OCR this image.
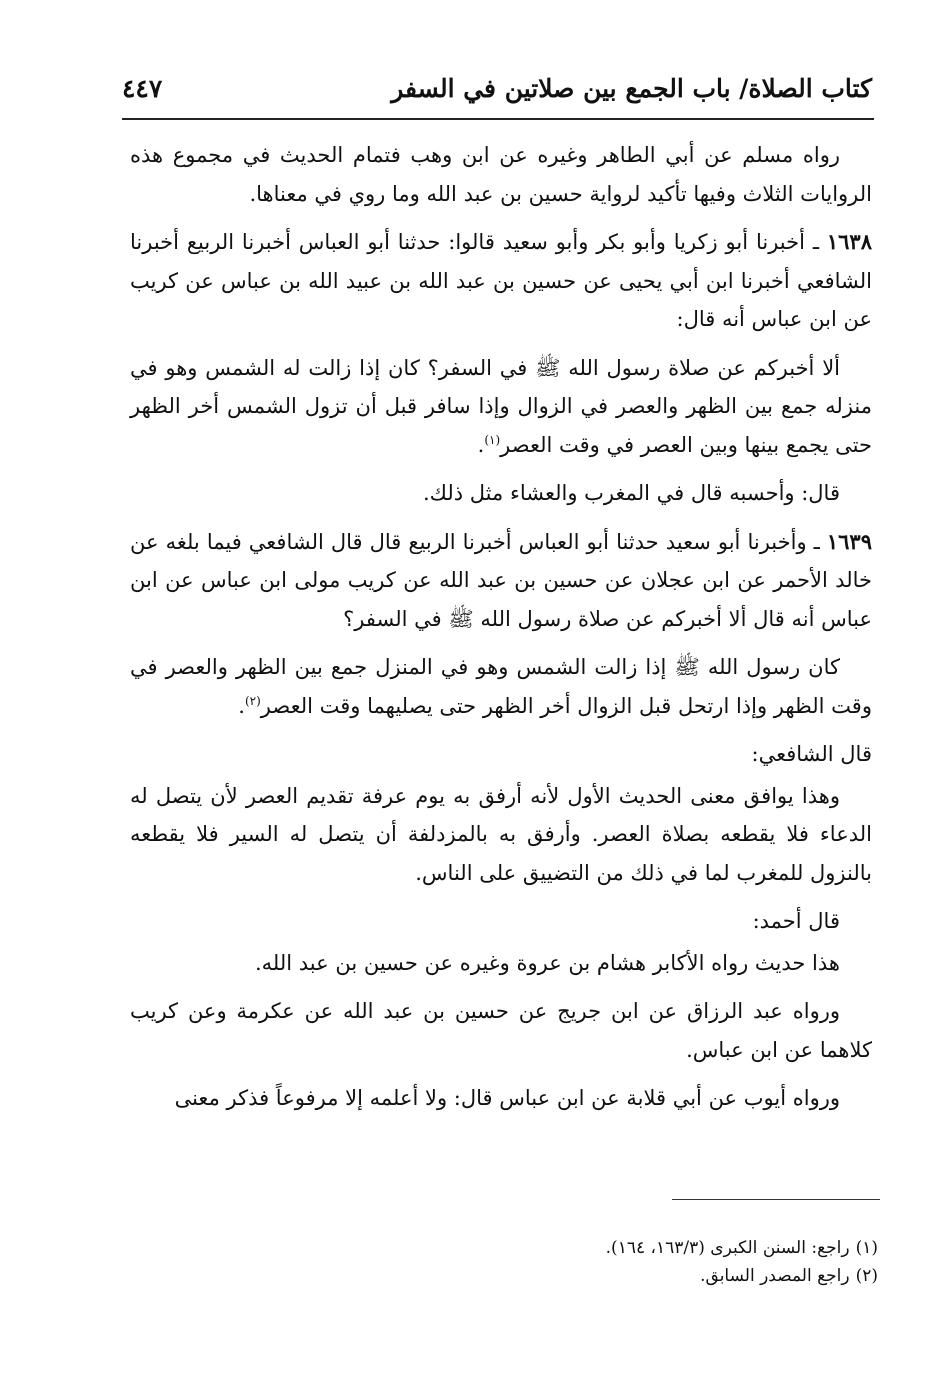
كتاب الصلاة/ باب الجمع بين صلاتين في السفر
٤٤٧

رواه مسلم عن أبي الطاهر وغيره عن ابن وهب فتمام الحديث في مجموع هذه الروايات الثلاث وفيها تأكيد لرواية حسين بن عبد الله وما روي في معناها.

١٦٣٨ ـ أخبرنا أبو زكريا وأبو بكر وأبو سعيد قالوا: حدثنا أبو العباس أخبرنا الربيع أخبرنا الشافعي أخبرنا ابن أبي يحيى عن حسين بن عبد الله بن عبيد الله بن عباس عن كريب عن ابن عباس أنه قال:

ألا أخبركم عن صلاة رسول الله ﷺ في السفر؟ كان إذا زالت له الشمس وهو في منزله جمع بين الظهر والعصر في الزوال وإذا سافر قبل أن تزول الشمس أخر الظهر حتى يجمع بينها وبين العصر في وقت العصر$^{(١)}$.

قال: وأحسبه قال في المغرب والعشاء مثل ذلك.

١٦٣٩ ـ وأخبرنا أبو سعيد حدثنا أبو العباس أخبرنا الربيع قال قال الشافعي فيما بلغه عن خالد الأحمر عن ابن عجلان عن حسين بن عبد الله عن كريب مولى ابن عباس عن ابن عباس أنه قال ألا أخبركم عن صلاة رسول الله ﷺ في السفر؟

كان رسول الله ﷺ إذا زالت الشمس وهو في المنزل جمع بين الظهر والعصر في وقت الظهر وإذا ارتحل قبل الزوال أخر الظهر حتى يصليهما وقت العصر$^{(٢)}$.

قال الشافعي:

وهذا يوافق معنى الحديث الأول لأنه أرفق به يوم عرفة تقديم العصر لأن يتصل له الدعاء فلا يقطعه بصلاة العصر. وأرفق به بالمزدلفة أن يتصل له السير فلا يقطعه بالنزول للمغرب لما في ذلك من التضييق على الناس.

قال أحمد:

هذا حديث رواه الأكابر هشام بن عروة وغيره عن حسين بن عبد الله.

ورواه عبد الرزاق عن ابن جريج عن حسين بن عبد الله عن عكرمة وعن كريب كلاهما عن ابن عباس.

ورواه أيوب عن أبي قلابة عن ابن عباس قال: ولا أعلمه إلا مرفوعاً فذكر معنى

(١)راجع: السنن الكبرى (١٦٣/٣، ١٦٤).

(٢)راجع المصدر السابق.
